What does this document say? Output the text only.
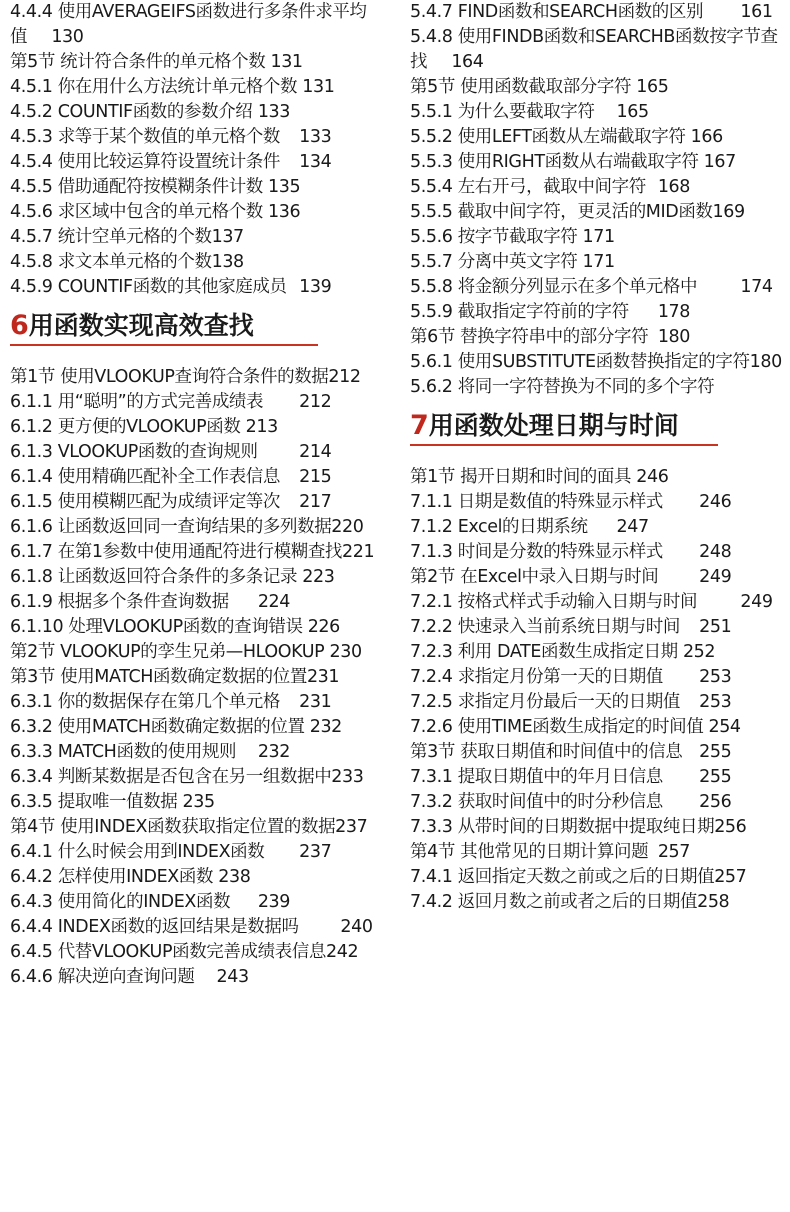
4.4.4 使用AVERAGEIFS函数进行多条件求平均值	130
第5节 统计符合条件的单元格个数 131
4.5.1 你在用什么方法统计单元格个数 131
4.5.2 COUNTIF函数的参数介绍	133
4.5.3 求等于某个数值的单元格个数	133
4.5.4 使用比较运算符设置统计条件	134
4.5.5 借助通配符按模糊条件计数 135
4.5.6 求区域中包含的单元格个数 136
4.5.7 统计空单元格的个数137
4.5.8 求文本单元格的个数138
4.5.9 COUNTIF函数的其他家庭成员	139
6用函数实现高效查找
第1节 使用VLOOKUP查询符合条件的数据212
6.1.1 用“聪明”的方式完善成绩表	212
6.1.2 更方便的VLOOKUP函数 213
6.1.3 VLOOKUP函数的查询规则	214
6.1.4 使用精确匹配补全工作表信息	215
6.1.5 使用模糊匹配为成绩评定等次	217
6.1.6 让函数返回同一查询结果的多列数据220
6.1.7 在第1参数中使用通配符进行模糊查找221
6.1.8 让函数返回符合条件的多条记录 223
6.1.9 根据多个条件查询数据	224
6.1.10 处理VLOOKUP函数的查询错误 226
第2节 VLOOKUP的孪生兄弟—HLOOKUP 230
第3节 使用MATCH函数确定数据的位置231
6.3.1 你的数据保存在第几个单元格	231
6.3.2 使用MATCH函数确定数据的位置 232
6.3.3 MATCH函数的使用规则	232
6.3.4 判断某数据是否包含在另一组数据中233
6.3.5 提取唯一值数据 235
第4节 使用INDEX函数获取指定位置的数据237
6.4.1 什么时候会用到INDEX函数	237
6.4.2 怎样使用INDEX函数 238
6.4.3 使用简化的INDEX函数	239
6.4.4 INDEX函数的返回结果是数据吗	240
6.4.5 代替VLOOKUP函数完善成绩表信息242
6.4.6 解决逆向查询问题	243
5.4.7 FIND函数和SEARCH函数的区别	161
5.4.8 使用FINDB函数和SEARCHB函数按字节查找	164
第5节 使用函数截取部分字符 165
5.5.1 为什么要截取字符	165
5.5.2 使用LEFT函数从左端截取字符 166
5.5.3 使用RIGHT函数从右端截取字符 167
5.5.4 左右开弓，截取中间字符	168
5.5.5 截取中间字符，更灵活的MID函数169
5.5.6 按字节截取字符 171
5.5.7 分离中英文字符 171
5.5.8 将金额分列显示在多个单元格中	174
5.5.9 截取指定字符前的字符	178
第6节 替换字符串中的部分字符	180
5.6.1 使用SUBSTITUTE函数替换指定的字符180
5.6.2 将同一字符替换为不同的多个字符
7用函数处理日期与时间
第1节 揭开日期和时间的面具 246
7.1.1 日期是数值的特殊显示样式	246
7.1.2 Excel的日期系统	247
7.1.3 时间是分数的特殊显示样式	248
第2节 在Excel中录入日期与时间	249
7.2.1 按格式样式手动输入日期与时间	249
7.2.2 快速录入当前系统日期与时间	251
7.2.3 利用 DATE函数生成指定日期 252
7.2.4 求指定月份第一天的日期值	253
7.2.5 求指定月份最后一天的日期值	253
7.2.6 使用TIME函数生成指定的时间值 254
第3节 获取日期值和时间值中的信息	255
7.3.1 提取日期值中的年月日信息	255
7.3.2 获取时间值中的时分秒信息	256
7.3.3 从带时间的日期数据中提取纯日期256
第4节 其他常见的日期计算问题	257
7.4.1 返回指定天数之前或之后的日期值257
7.4.2 返回月数之前或者之后的日期值258
